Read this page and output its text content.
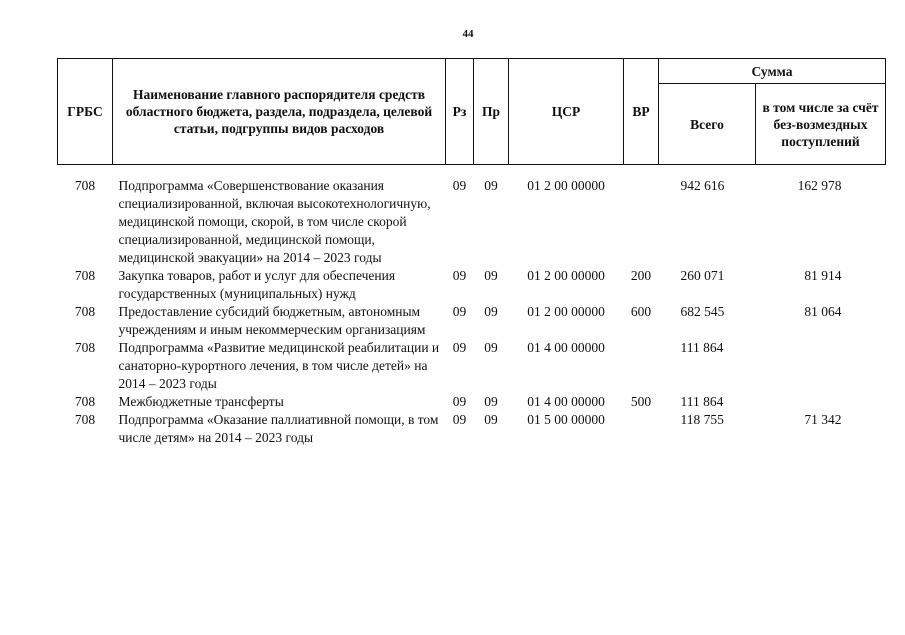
44
ГРБС	Наименование главного распорядителя средств областного бюджета, раздела, подраздела, целевой статьи, подгруппы видов расходов	Рз	Пр	ЦСР	ВР	Сумма	
						Всего	в том числе за счёт без-возмездных поступлений

708	Подпрограмма «Совершенствование оказания специализированной, включая высокотехнологичную, медицинской помощи, скорой, в том числе скорой специализированной, медицинской помощи, медицинской эвакуации» на 2014 – 2023 годы	09	09	01 2 00 00000		942 616	162 978
708	Закупка товаров, работ и услуг для обеспечения государственных (муниципальных) нужд	09	09	01 2 00 00000	200	260 071	81 914
708	Предоставление субсидий бюджетным, автономным учреждениям и иным некоммерческим организациям	09	09	01 2 00 00000	600	682 545	81 064
708	Подпрограмма «Развитие медицинской реабилитации и санаторно-курортного лечения, в том числе детей» на 2014 – 2023 годы	09	09	01 4 00 00000		111 864	
708	Межбюджетные трансферты	09	09	01 4 00 00000	500	111 864	
708	Подпрограмма «Оказание паллиативной помощи, в том числе детям» на 2014 – 2023 годы	09	09	01 5 00 00000		118 755	71 342
